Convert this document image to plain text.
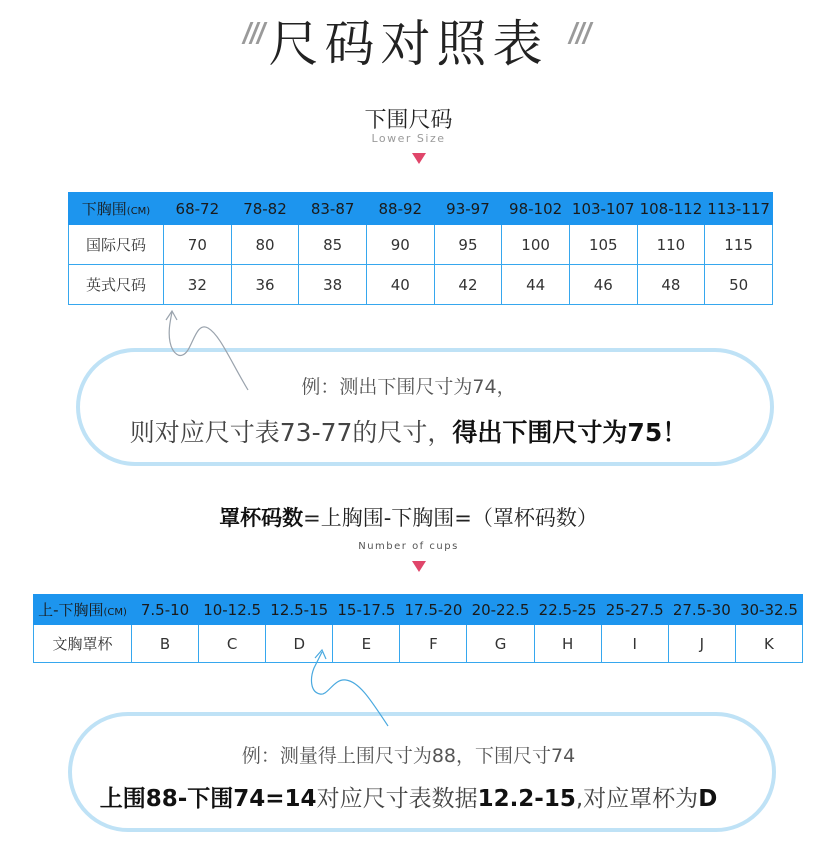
尺码对照表
下围尺码
Lower Size
下胸围(CM)	68-72	78-82	83-87	88-92	93-97	98-102	103-107	108-112	113-117
国际尺码	70	80	85	90	95	100	105	110	115
英式尺码	32	36	38	40	42	44	46	48	50
例：测出下围尺寸为74，
则对应尺寸表73-77的尺寸，得出下围尺寸为75！
罩杯码数=上胸围-下胸围=（罩杯码数）
Number of cups
上-下胸围(CM)	7.5-10	10-12.5	12.5-15	15-17.5	17.5-20	20-22.5	22.5-25	25-27.5	27.5-30	30-32.5
文胸罩杯	B	C	D	E	F	G	H	I	J	K
例：测量得上围尺寸为88，下围尺寸74
上围88-下围74=14对应尺寸表数据12.2-15,对应罩杯为D
